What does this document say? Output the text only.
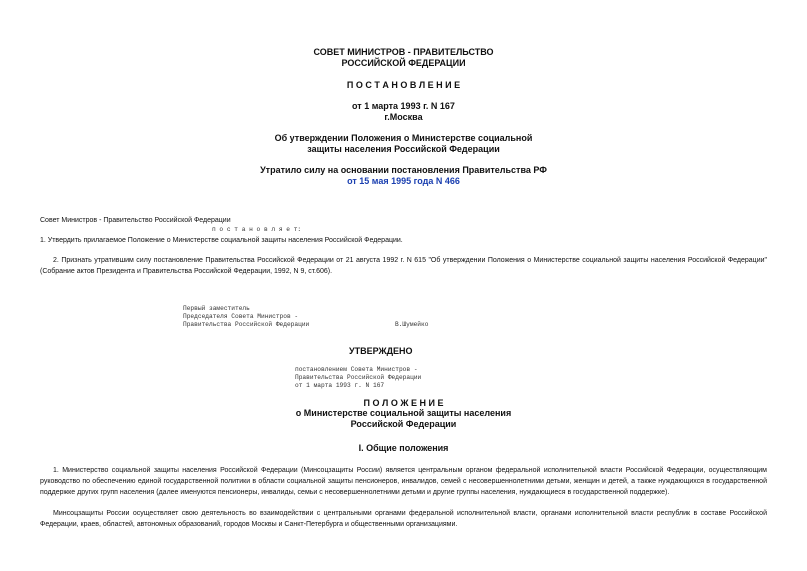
СОВЕТ МИНИСТРОВ - ПРАВИТЕЛЬСТВО
РОССИЙСКОЙ ФЕДЕРАЦИИ
П О С Т А Н О В Л Е Н И Е
от 1 марта 1993 г. N 167
г.Москва
Об утверждении Положения о Министерстве социальной
защиты населения Российской Федерации
Утратило силу на основании постановления Правительства РФ
от 15 мая 1995 года N 466
Совет Министров - Правительство Российской Федерации
п о с т а н о в л я е т:
1. Утвердить прилагаемое Положение о Министерстве социальной защиты населения Российской Федерации.
2. Признать утратившим силу постановление Правительства Российской Федерации от 21 августа 1992 г. N 615 "Об утверждении Положения о Министерстве социальной защиты населения Российской Федерации" (Собрание актов Президента и Правительства Российской Федерации, 1992, N 9, ст.606).
Первый заместитель
Председателя Совета Министров -
Правительства Российской Федерации	В.Шумейко
УТВЕРЖДЕНО
постановлением Совета Министров -
Правительства Российской Федерации
от 1 марта 1993 г. N 167
П О Л О Ж Е Н И Е
о Министерстве социальной защиты населения
Российской Федерации
I. Общие положения
1. Министерство социальной защиты населения Российской Федерации (Минсоцзащиты России) является центральным органом федеральной исполнительной власти Российской Федерации, осуществляющим руководство по обеспечению единой государственной политики в области социальной защиты пенсионеров, инвалидов, семей с несовершеннолетними детьми, женщин и детей, а также нуждающихся в государственной поддержке других групп населения (далее именуются пенсионеры, инвалиды, семьи с несовершеннолетними детьми и другие группы населения, нуждающиеся в государственной поддержке).
Минсоцзащиты России осуществляет свою деятельность во взаимодействии с центральными органами федеральной исполнительной власти, органами исполнительной власти республик в составе Российской Федерации, краев, областей, автономных образований, городов Москвы и Санкт-Петербурга и общественными организациями.
